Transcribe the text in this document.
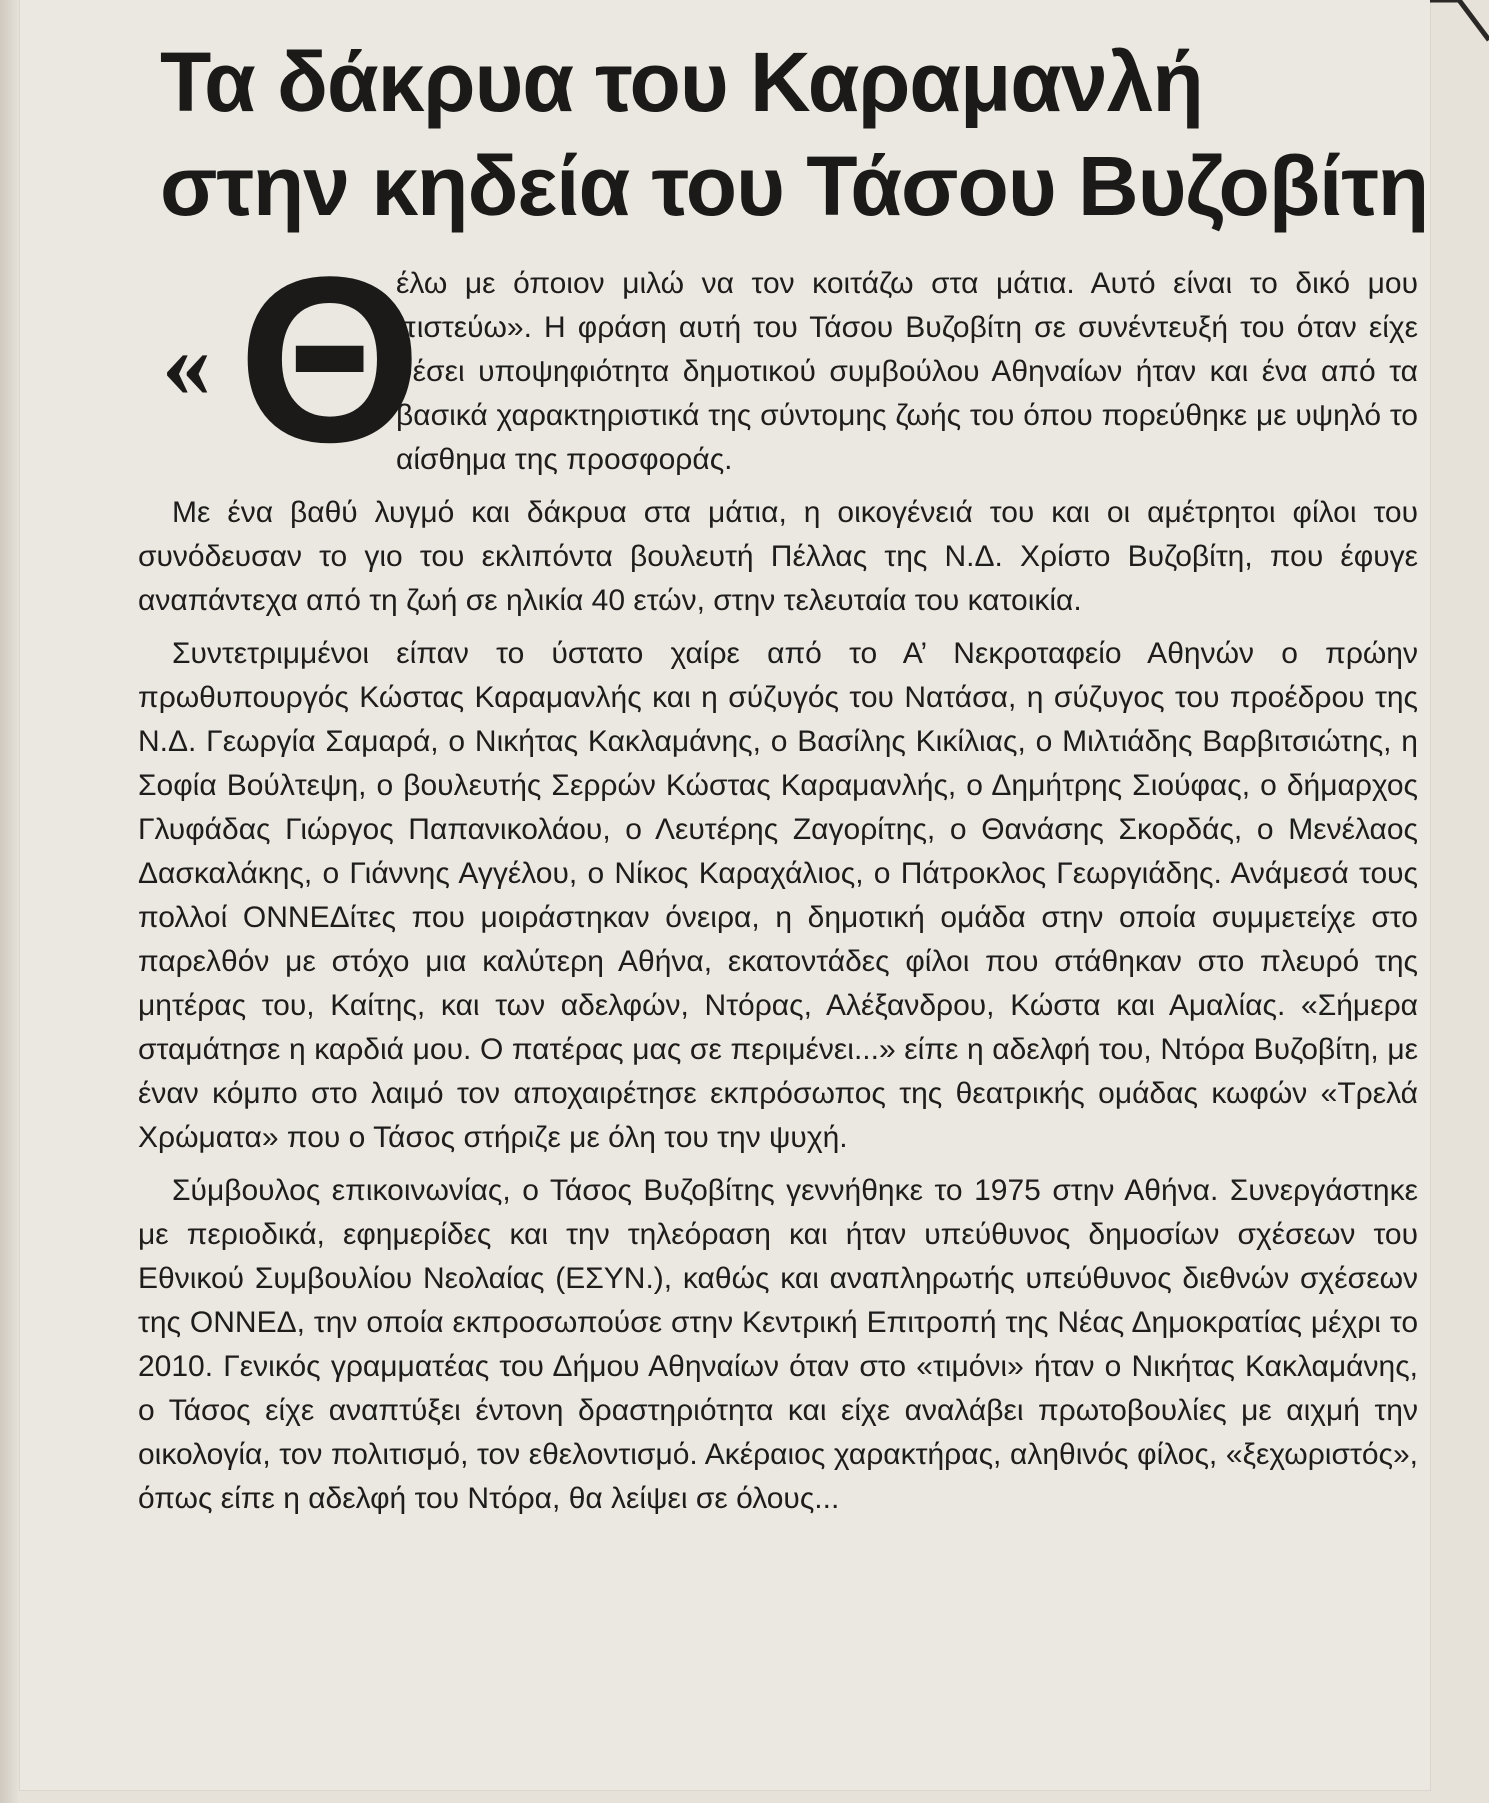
Τα δάκρυα του Καραμανλή
στην κηδεία του Τάσου Βυζοβίτη

« Θ
έλω με όποιον μιλώ να τον κοιτάζω στα μάτια. Αυτό είναι το δικό μου πιστεύω». Η φράση αυτή του Τάσου Βυζοβίτη σε συνέντευξή του όταν είχε θέσει υποψηφιότητα δημοτικού συμβούλου Αθηναίων ήταν και ένα από τα βασικά χαρακτηριστικά της σύντομης ζωής του όπου πορεύθηκε με υψηλό το αίσθημα της προσφοράς.

Με ένα βαθύ λυγμό και δάκρυα στα μάτια, η οικογένειά του και οι αμέτρητοι φίλοι του συνόδευσαν το γιο του εκλιπόντα βουλευτή Πέλλας της Ν.Δ. Χρίστο Βυζοβίτη, που έφυγε αναπάντεχα από τη ζωή σε ηλικία 40 ετών, στην τελευταία του κατοικία.

Συντετριμμένοι είπαν το ύστατο χαίρε από το Α’ Νεκροταφείο Αθηνών ο πρώην πρωθυπουργός Κώστας Καραμανλής και η σύζυγός του Νατάσα, η σύζυγος του προέδρου της Ν.Δ. Γεωργία Σαμαρά, ο Νικήτας Κακλαμάνης, ο Βασίλης Κικίλιας, ο Μιλτιάδης Βαρβιτσιώτης, η Σοφία Βούλτεψη, ο βουλευτής Σερρών Κώστας Καραμανλής, ο Δημήτρης Σιούφας, ο δήμαρχος Γλυφάδας Γιώργος Παπανικολάου, ο Λευτέρης Ζαγορίτης, ο Θανάσης Σκορδάς, ο Μενέλαος Δασκαλάκης, ο Γιάννης Αγγέλου, ο Νίκος Καραχάλιος, ο Πάτροκλος Γεωργιάδης. Ανάμεσά τους πολλοί ΟΝΝΕΔίτες που μοιράστηκαν όνειρα, η δημοτική ομάδα στην οποία συμμετείχε στο παρελθόν με στόχο μια καλύτερη Αθήνα, εκατοντάδες φίλοι που στάθηκαν στο πλευρό της μητέρας του, Καίτης, και των αδελφών, Ντόρας, Αλέξανδρου, Κώστα και Αμαλίας. «Σήμερα σταμάτησε η καρδιά μου. Ο πατέρας μας σε περιμένει...» είπε η αδελφή του, Ντόρα Βυζοβίτη, με έναν κόμπο στο λαιμό τον αποχαιρέτησε εκπρόσωπος της θεατρικής ομάδας κωφών «Τρελά Χρώματα» που ο Τάσος στήριζε με όλη του την ψυχή.

Σύμβουλος επικοινωνίας, ο Τάσος Βυζοβίτης γεννήθηκε το 1975 στην Αθήνα. Συνεργάστηκε με περιοδικά, εφημερίδες και την τηλεόραση και ήταν υπεύθυνος δημοσίων σχέσεων του Εθνικού Συμβουλίου Νεολαίας (ΕΣΥΝ.), καθώς και αναπληρωτής υπεύθυνος διεθνών σχέσεων της ΟΝΝΕΔ, την οποία εκπροσωπούσε στην Κεντρική Επιτροπή της Νέας Δημοκρατίας μέχρι το 2010. Γενικός γραμματέας του Δήμου Αθηναίων όταν στο «τιμόνι» ήταν ο Νικήτας Κακλαμάνης, ο Τάσος είχε αναπτύξει έντονη δραστηριότητα και είχε αναλάβει πρωτοβουλίες με αιχμή την οικολογία, τον πολιτισμό, τον εθελοντισμό. Ακέραιος χαρακτήρας, αληθινός φίλος, «ξεχωριστός», όπως είπε η αδελφή του Ντόρα, θα λείψει σε όλους...
